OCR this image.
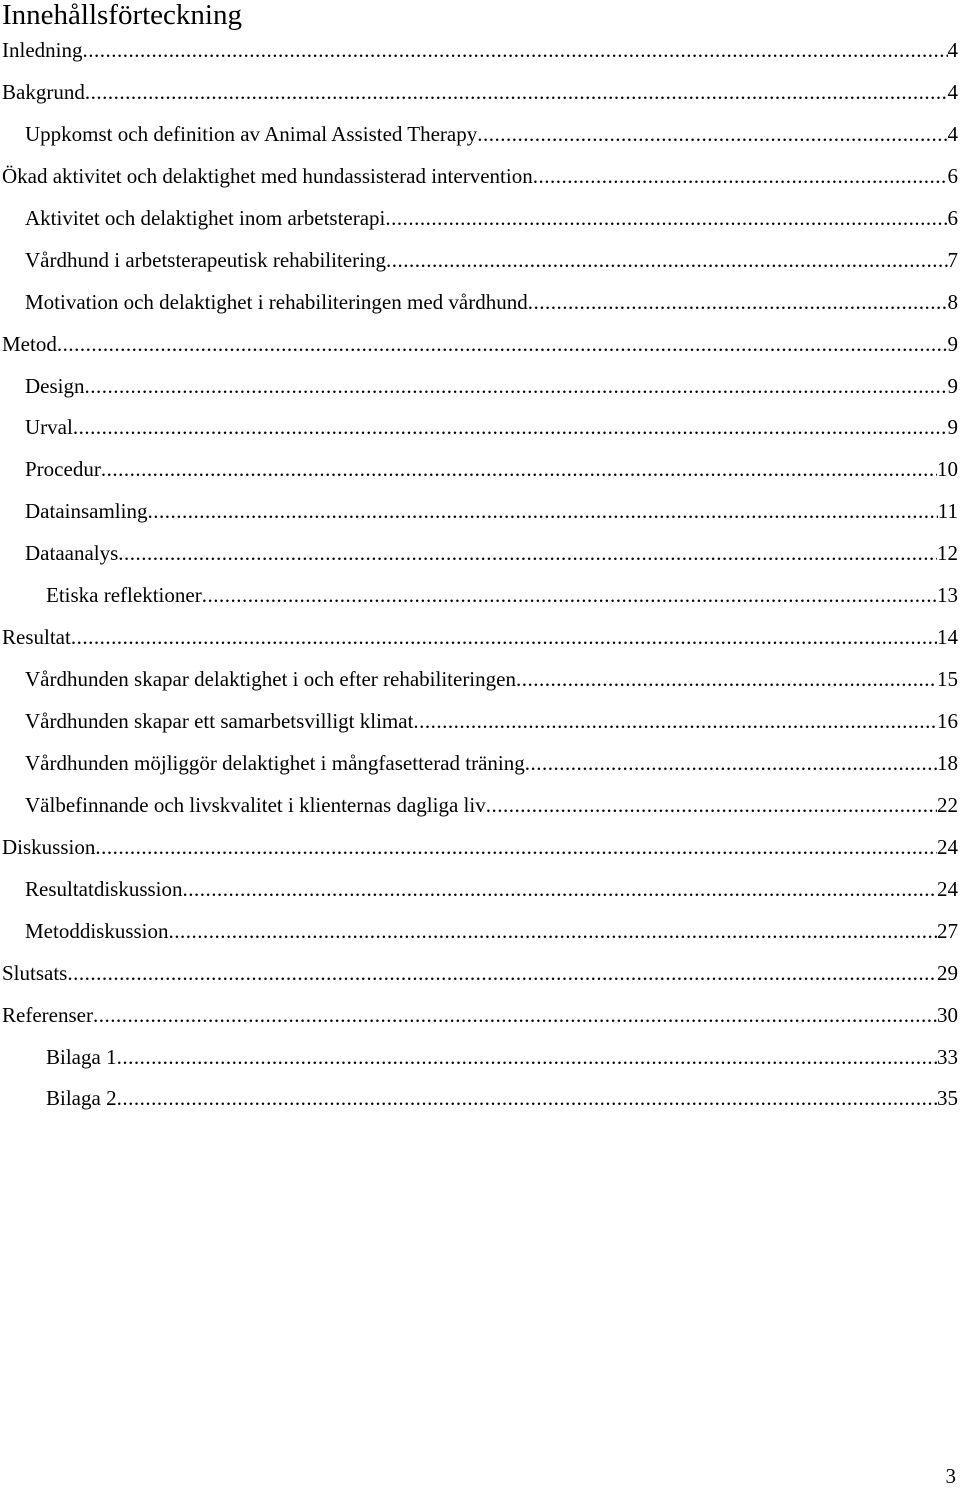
Innehållsförteckning
Inledning .....	4
Bakgrund .....	4
Uppkomst och definition av Animal Assisted Therapy .....	4
Ökad aktivitet och delaktighet med hundassisterad intervention .....	6
Aktivitet och delaktighet inom arbetsterapi .....	6
Vårdhund i arbetsterapeutisk rehabilitering .....	7
Motivation och delaktighet i rehabiliteringen med vårdhund .....	8
Metod .....	9
Design .....	9
Urval .....	9
Procedur .....	10
Datainsamling .....	11
Dataanalys .....	12
Etiska reflektioner .....	13
Resultat .....	14
Vårdhunden skapar delaktighet i och efter rehabiliteringen .....	15
Vårdhunden skapar ett samarbetsvilligt klimat .....	16
Vårdhunden möjliggör delaktighet i mångfasetterad träning .....	18
Välbefinnande och livskvalitet i klienternas dagliga liv .....	22
Diskussion .....	24
Resultatdiskussion .....	24
Metoddiskussion .....	27
Slutsats .....	29
Referenser .....	30
Bilaga 1 .....	33
Bilaga 2 .....	35
3
